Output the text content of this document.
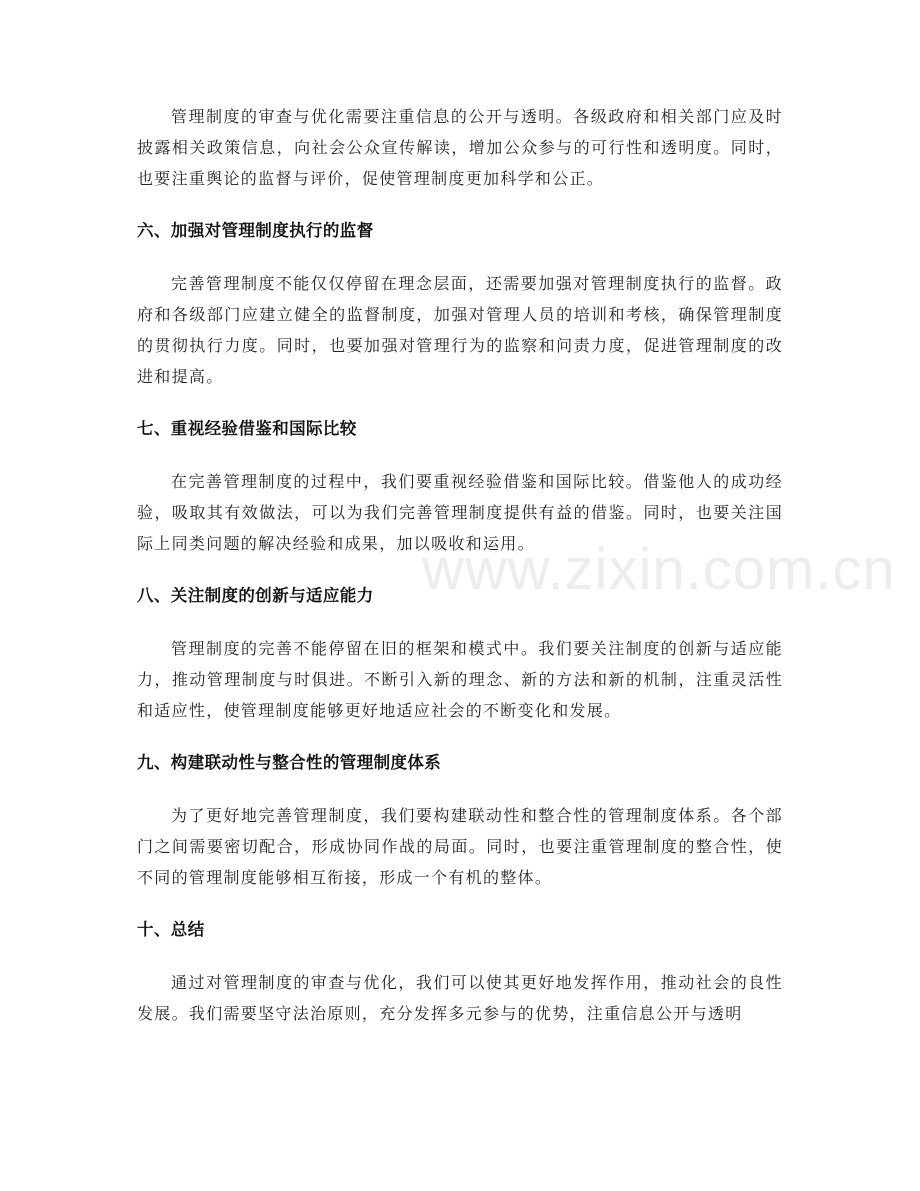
管理制度的审查与优化需要注重信息的公开与透明。各级政府和相关部门应及时披露相关政策信息，向社会公众宣传解读，增加公众参与的可行性和透明度。同时，也要注重舆论的监督与评价，促使管理制度更加科学和公正。

六、加强对管理制度执行的监督

完善管理制度不能仅仅停留在理念层面，还需要加强对管理制度执行的监督。政府和各级部门应建立健全的监督制度，加强对管理人员的培训和考核，确保管理制度的贯彻执行力度。同时，也要加强对管理行为的监察和问责力度，促进管理制度的改进和提高。

七、重视经验借鉴和国际比较

在完善管理制度的过程中，我们要重视经验借鉴和国际比较。借鉴他人的成功经验，吸取其有效做法，可以为我们完善管理制度提供有益的借鉴。同时，也要关注国际上同类问题的解决经验和成果，加以吸收和运用。

八、关注制度的创新与适应能力

管理制度的完善不能停留在旧的框架和模式中。我们要关注制度的创新与适应能力，推动管理制度与时俱进。不断引入新的理念、新的方法和新的机制，注重灵活性和适应性，使管理制度能够更好地适应社会的不断变化和发展。

九、构建联动性与整合性的管理制度体系

为了更好地完善管理制度，我们要构建联动性和整合性的管理制度体系。各个部门之间需要密切配合，形成协同作战的局面。同时，也要注重管理制度的整合性，使不同的管理制度能够相互衔接，形成一个有机的整体。

十、总结

通过对管理制度的审查与优化，我们可以使其更好地发挥作用，推动社会的良性发展。我们需要坚守法治原则，充分发挥多元参与的优势，注重信息公开与透明

www.zixin.com.cn
